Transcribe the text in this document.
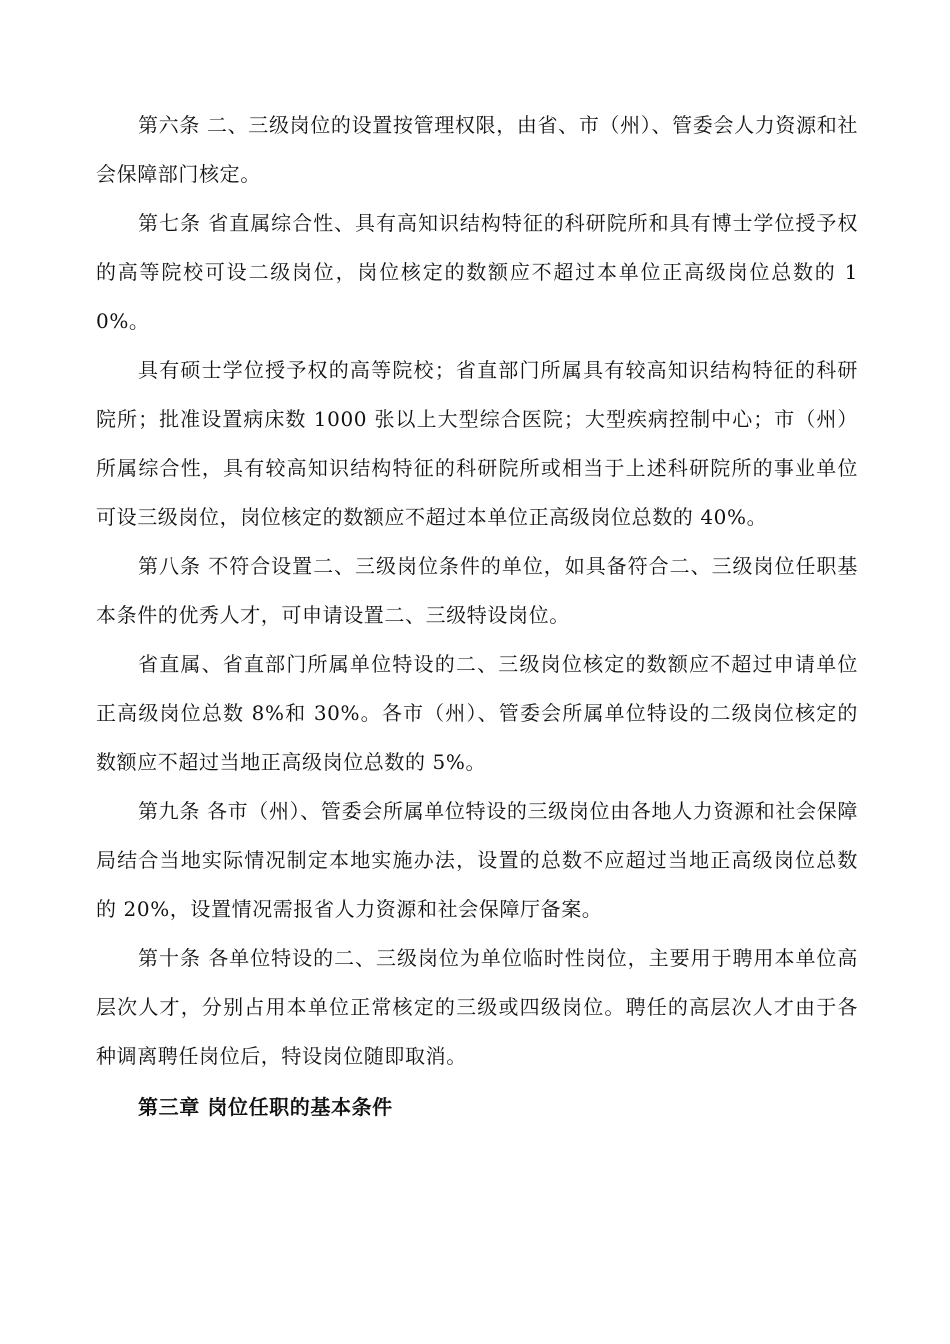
第六条 二、三级岗位的设置按管理权限，由省、市（州）、管委会人力资源和社会保障部门核定。

第七条 省直属综合性、具有高知识结构特征的科研院所和具有博士学位授予权的高等院校可设二级岗位，岗位核定的数额应不超过本单位正高级岗位总数的 10%。

具有硕士学位授予权的高等院校；省直部门所属具有较高知识结构特征的科研院所；批准设置病床数 1000 张以上大型综合医院；大型疾病控制中心；市（州）所属综合性，具有较高知识结构特征的科研院所或相当于上述科研院所的事业单位可设三级岗位，岗位核定的数额应不超过本单位正高级岗位总数的 40%。

第八条 不符合设置二、三级岗位条件的单位，如具备符合二、三级岗位任职基本条件的优秀人才，可申请设置二、三级特设岗位。

省直属、省直部门所属单位特设的二、三级岗位核定的数额应不超过申请单位正高级岗位总数 8%和 30%。各市（州）、管委会所属单位特设的二级岗位核定的数额应不超过当地正高级岗位总数的 5%。

第九条 各市（州）、管委会所属单位特设的三级岗位由各地人力资源和社会保障局结合当地实际情况制定本地实施办法，设置的总数不应超过当地正高级岗位总数的 20%，设置情况需报省人力资源和社会保障厅备案。

第十条 各单位特设的二、三级岗位为单位临时性岗位，主要用于聘用本单位高层次人才，分别占用本单位正常核定的三级或四级岗位。聘任的高层次人才由于各种调离聘任岗位后，特设岗位随即取消。

第三章 岗位任职的基本条件
